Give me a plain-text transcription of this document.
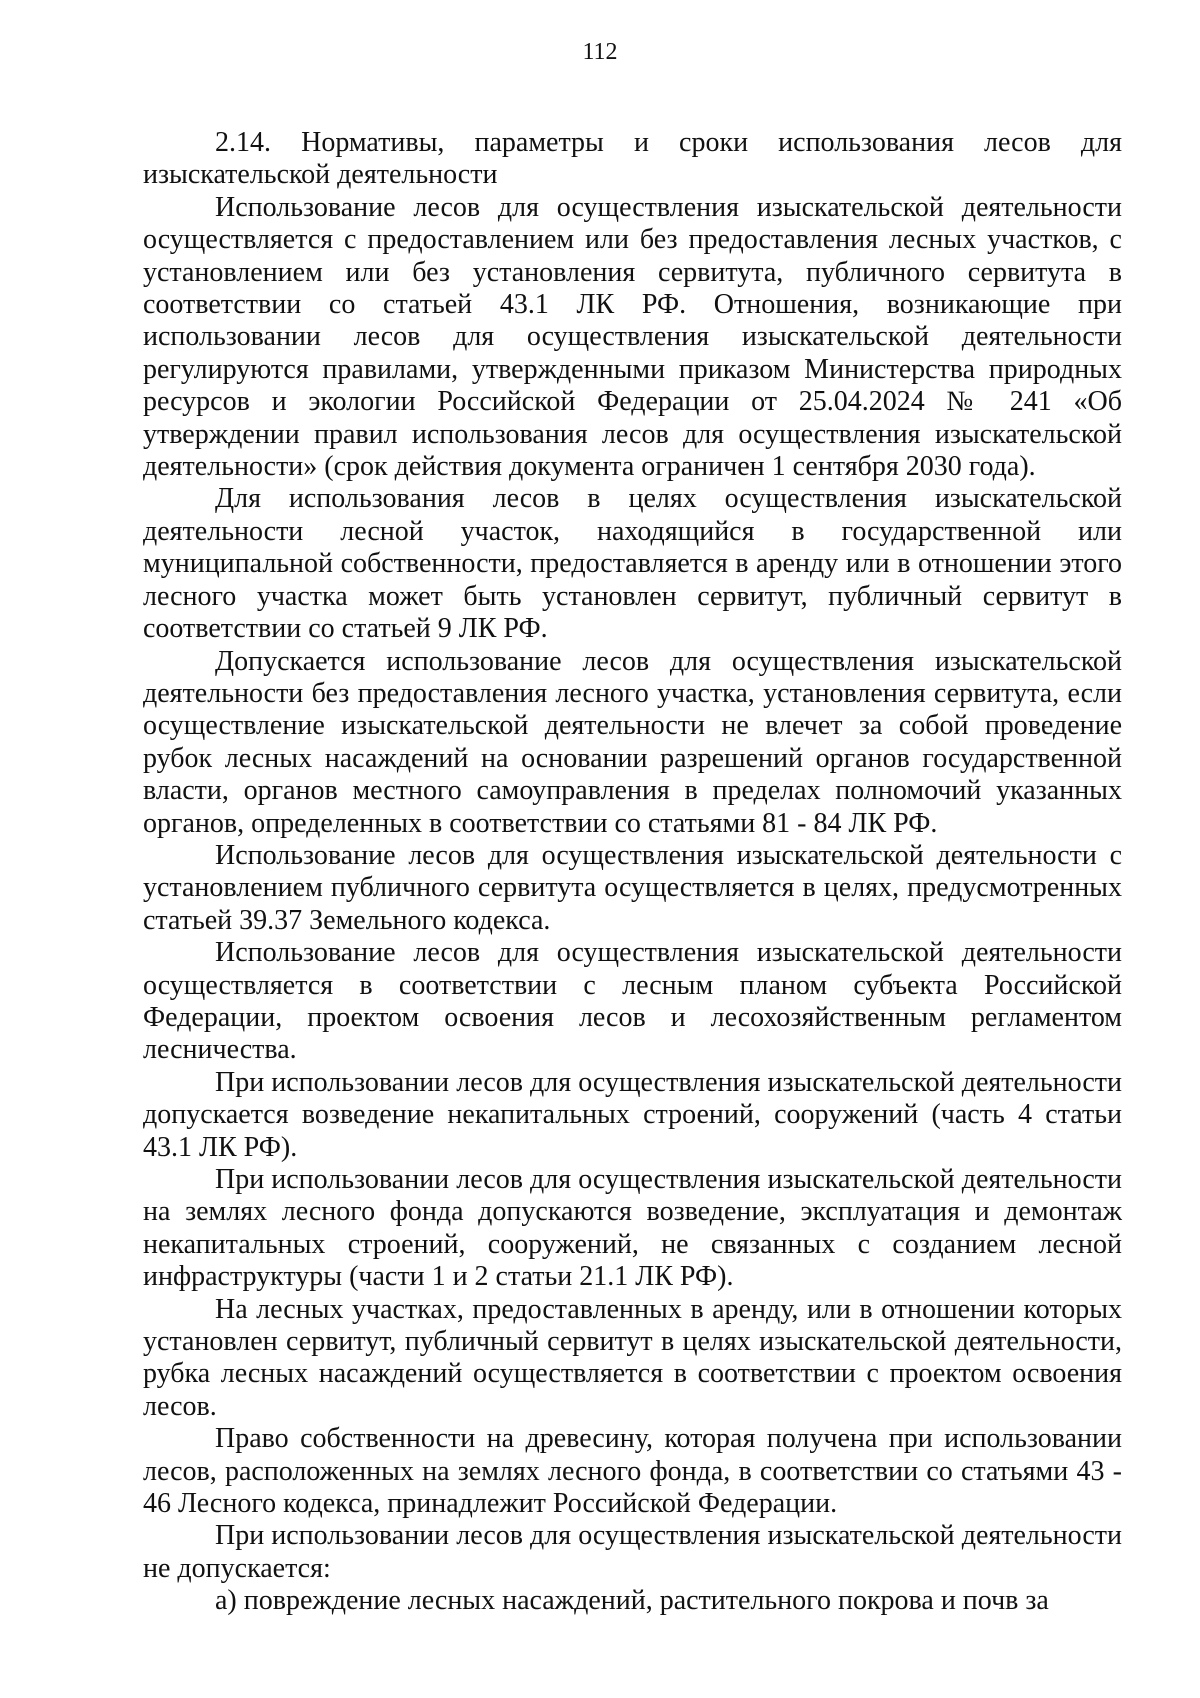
112

2.14. Нормативы, параметры и сроки использования лесов для изыскательской деятельности

Использование лесов для осуществления изыскательской деятельности осуществляется с предоставлением или без предоставления лесных участков, с установлением или без установления сервитута, публичного сервитута в соответствии со статьей 43.1 ЛК РФ. Отношения, возникающие при использовании лесов для осуществления изыскательской деятельности регулируются правилами, утвержденными приказом Министерства природных ресурсов и экологии Российской Федерации от 25.04.2024 № 241 «Об утверждении правил использования лесов для осуществления изыскательской деятельности» (срок действия документа ограничен 1 сентября 2030 года).

Для использования лесов в целях осуществления изыскательской деятельности лесной участок, находящийся в государственной или муниципальной собственности, предоставляется в аренду или в отношении этого лесного участка может быть установлен сервитут, публичный сервитут в соответствии со статьей 9 ЛК РФ.

Допускается использование лесов для осуществления изыскательской деятельности без предоставления лесного участка, установления сервитута, если осуществление изыскательской деятельности не влечет за собой проведение рубок лесных насаждений на основании разрешений органов государственной власти, органов местного самоуправления в пределах полномочий указанных органов, определенных в соответствии со статьями 81 - 84 ЛК РФ.

Использование лесов для осуществления изыскательской деятельности с установлением публичного сервитута осуществляется в целях, предусмотренных статьей 39.37 Земельного кодекса.

Использование лесов для осуществления изыскательской деятельности осуществляется в соответствии с лесным планом субъекта Российской Федерации, проектом освоения лесов и лесохозяйственным регламентом лесничества.

При использовании лесов для осуществления изыскательской деятельности допускается возведение некапитальных строений, сооружений (часть 4 статьи 43.1 ЛК РФ).

При использовании лесов для осуществления изыскательской деятельности на землях лесного фонда допускаются возведение, эксплуатация и демонтаж некапитальных строений, сооружений, не связанных с созданием лесной инфраструктуры (части 1 и 2 статьи 21.1 ЛК РФ).

На лесных участках, предоставленных в аренду, или в отношении которых установлен сервитут, публичный сервитут в целях изыскательской деятельности, рубка лесных насаждений осуществляется в соответствии с проектом освоения лесов.

Право собственности на древесину, которая получена при использовании лесов, расположенных на землях лесного фонда, в соответствии со статьями 43 - 46 Лесного кодекса, принадлежит Российской Федерации.

При использовании лесов для осуществления изыскательской деятельности не допускается:

а) повреждение лесных насаждений, растительного покрова и почв за
